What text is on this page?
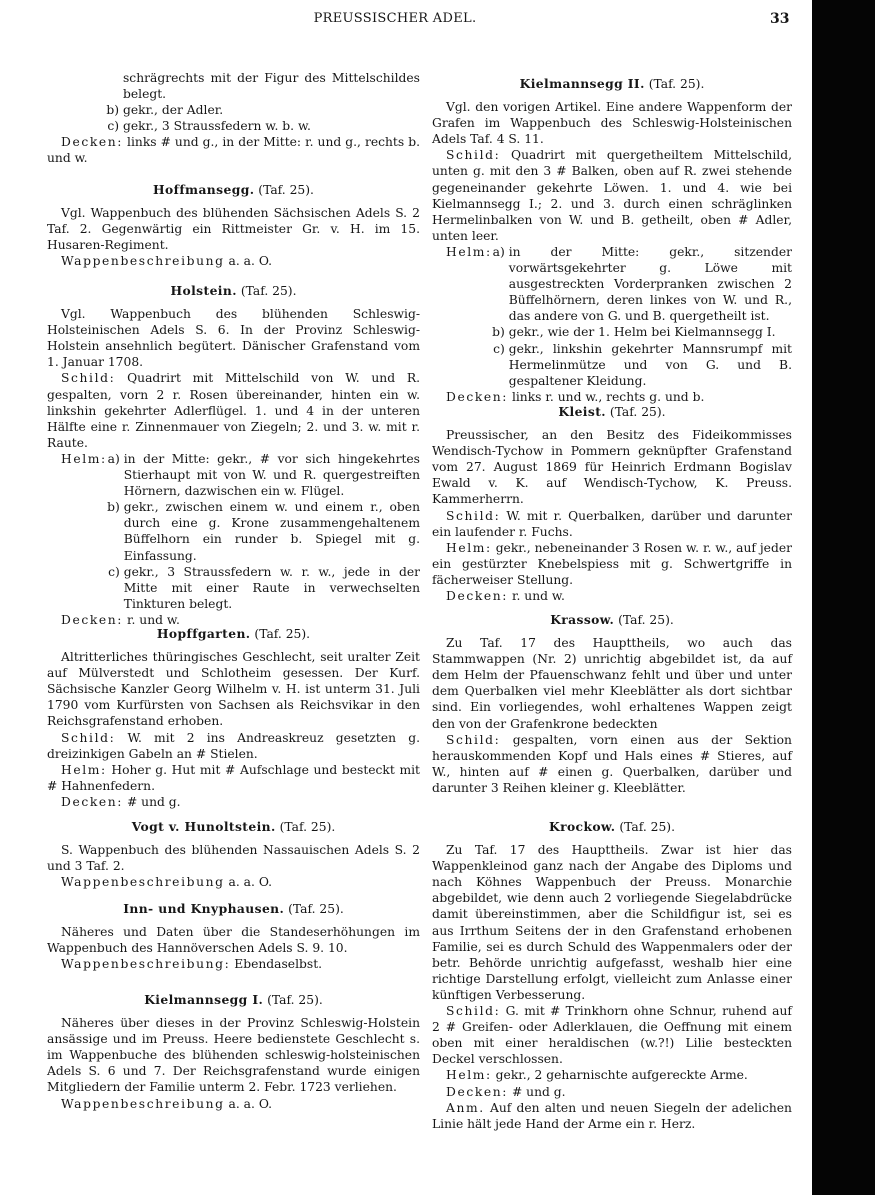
PREUSSISCHER ADEL.	33
schrägrechts mit der Figur des Mittelschildes belegt.
b) gekr., der Adler.
c) gekr., 3 Straussfedern w. b. w.

Decken: links # und g., in der Mitte: r. und g., rechts b. und w.

Hoffmansegg. (Taf. 25).

Vgl. Wappenbuch des blühenden Sächsischen Adels S. 2 Taf. 2. Gegenwärtig ein Rittmeister Gr. v. H. im 15. Husaren-Regiment.

Wappenbeschreibung a. a. O.

Holstein. (Taf. 25).

Vgl. Wappenbuch des blühenden Schleswig-Holsteinischen Adels S. 6. In der Provinz Schleswig-Holstein ansehnlich begütert. Dänischer Grafenstand vom 1. Januar 1708.

Schild: Quadrirt mit Mittelschild von W. und R. gespalten, vorn 2 r. Rosen übereinander, hinten ein w. linkshin gekehrter Adlerflügel. 1. und 4 in der unteren Hälfte eine r. Zinnenmauer von Ziegeln; 2. und 3. w. mit r. Raute.

Helm: a) in der Mitte: gekr., # vor sich hingekehrtes Stierhaupt mit von W. und R. quergestreiften Hörnern, dazwischen ein w. Flügel.
b) gekr., zwischen einem w. und einem r., oben durch eine g. Krone zusammengehaltenem Büffelhorn ein runder b. Spiegel mit g. Einfassung.
c) gekr., 3 Straussfedern w. r. w., jede in der Mitte mit einer Raute in verwechselten Tinkturen belegt.

Decken: r. und w.

Hopffgarten. (Taf. 25).

Altritterliches thüringisches Geschlecht, seit uralter Zeit auf Mülverstedt und Schlotheim gesessen. Der Kurf. Sächsische Kanzler Georg Wilhelm v. H. ist unterm 31. Juli 1790 vom Kurfürsten von Sachsen als Reichsvikar in den Reichsgrafenstand erhoben.

Schild: W. mit 2 ins Andreaskreuz gesetzten g. dreizinkigen Gabeln an # Stielen.

Helm: Hoher g. Hut mit # Aufschlage und besteckt mit # Hahnenfedern.

Decken: # und g.

Vogt v. Hunoltstein. (Taf. 25).

S. Wappenbuch des blühenden Nassauischen Adels S. 2 und 3 Taf. 2.

Wappenbeschreibung a. a. O.

Inn- und Knyphausen. (Taf. 25).

Näheres und Daten über die Standeserhöhungen im Wappenbuch des Hannöverschen Adels S. 9. 10.

Wappenbeschreibung: Ebendaselbst.

Kielmannsegg I. (Taf. 25).

Näheres über dieses in der Provinz Schleswig-Holstein ansässige und im Preuss. Heere bedienstete Geschlecht s. im Wappenbuche des blühenden schleswig-holsteinischen Adels S. 6 und 7. Der Reichsgrafenstand wurde einigen Mitgliedern der Familie unterm 2. Febr. 1723 verliehen.

Wappenbeschreibung a. a. O.

Kielmannsegg II. (Taf. 25).

Vgl. den vorigen Artikel. Eine andere Wappenform der Grafen im Wappenbuch des Schleswig-Holsteinischen Adels Taf. 4 S. 11.

Schild: Quadrirt mit quergetheiltem Mittelschild, unten g. mit den 3 # Balken, oben auf R. zwei stehende gegeneinander gekehrte Löwen. 1. und 4. wie bei Kielmannsegg I.; 2. und 3. durch einen schräglinken Hermelinbalken von W. und B. getheilt, oben # Adler, unten leer.

Helm: a) in der Mitte: gekr., sitzender vorwärtsgekehrter g. Löwe mit ausgestreckten Vorderpranken zwischen 2 Büffelhörnern, deren linkes von W. und R., das andere von G. und B. quergetheilt ist.
b) gekr., wie der 1. Helm bei Kielmannsegg I.
c) gekr., linkshin gekehrter Mannsrumpf mit Hermelinmütze und von G. und B. gespaltener Kleidung.

Decken: links r. und w., rechts g. und b.

Kleist. (Taf. 25).

Preussischer, an den Besitz des Fideikommisses Wendisch-Tychow in Pommern geknüpfter Grafenstand vom 27. August 1869 für Heinrich Erdmann Bogislav Ewald v. K. auf Wendisch-Tychow, K. Preuss. Kammerherrn.

Schild: W. mit r. Querbalken, darüber und darunter ein laufender r. Fuchs.

Helm: gekr., nebeneinander 3 Rosen w. r. w., auf jeder ein gestürzter Knebelspiess mit g. Schwertgriffe in fächerweiser Stellung.

Decken: r. und w.

Krassow. (Taf. 25).

Zu Taf. 17 des Haupttheils, wo auch das Stammwappen (Nr. 2) unrichtig abgebildet ist, da auf dem Helm der Pfauenschwanz fehlt und über und unter dem Querbalken viel mehr Kleeblätter als dort sichtbar sind. Ein vorliegendes, wohl erhaltenes Wappen zeigt den von der Grafenkrone bedeckten

Schild: gespalten, vorn einen aus der Sektion herauskommenden Kopf und Hals eines # Stieres, auf W., hinten auf # einen g. Querbalken, darüber und darunter 3 Reihen kleiner g. Kleeblätter.

Krockow. (Taf. 25).

Zu Taf. 17 des Haupttheils. Zwar ist hier das Wappenkleinod ganz nach der Angabe des Diploms und nach Köhnes Wappenbuch der Preuss. Monarchie abgebildet, wie denn auch 2 vorliegende Siegelabdrücke damit übereinstimmen, aber die Schildfigur ist, sei es aus Irrthum Seitens der in den Grafenstand erhobenen Familie, sei es durch Schuld des Wappenmalers oder der betr. Behörde unrichtig aufgefasst, weshalb hier eine richtige Darstellung erfolgt, vielleicht zum Anlasse einer künftigen Verbesserung.

Schild: G. mit # Trinkhorn ohne Schnur, ruhend auf 2 # Greifen- oder Adlerklauen, die Oeffnung mit einem oben mit einer heraldischen (w.?!) Lilie besteckten Deckel verschlossen.

Helm: gekr., 2 geharnischte aufgereckte Arme.

Decken: # und g.

Anm. Auf den alten und neuen Siegeln der adelichen Linie hält jede Hand der Arme ein r. Herz.
